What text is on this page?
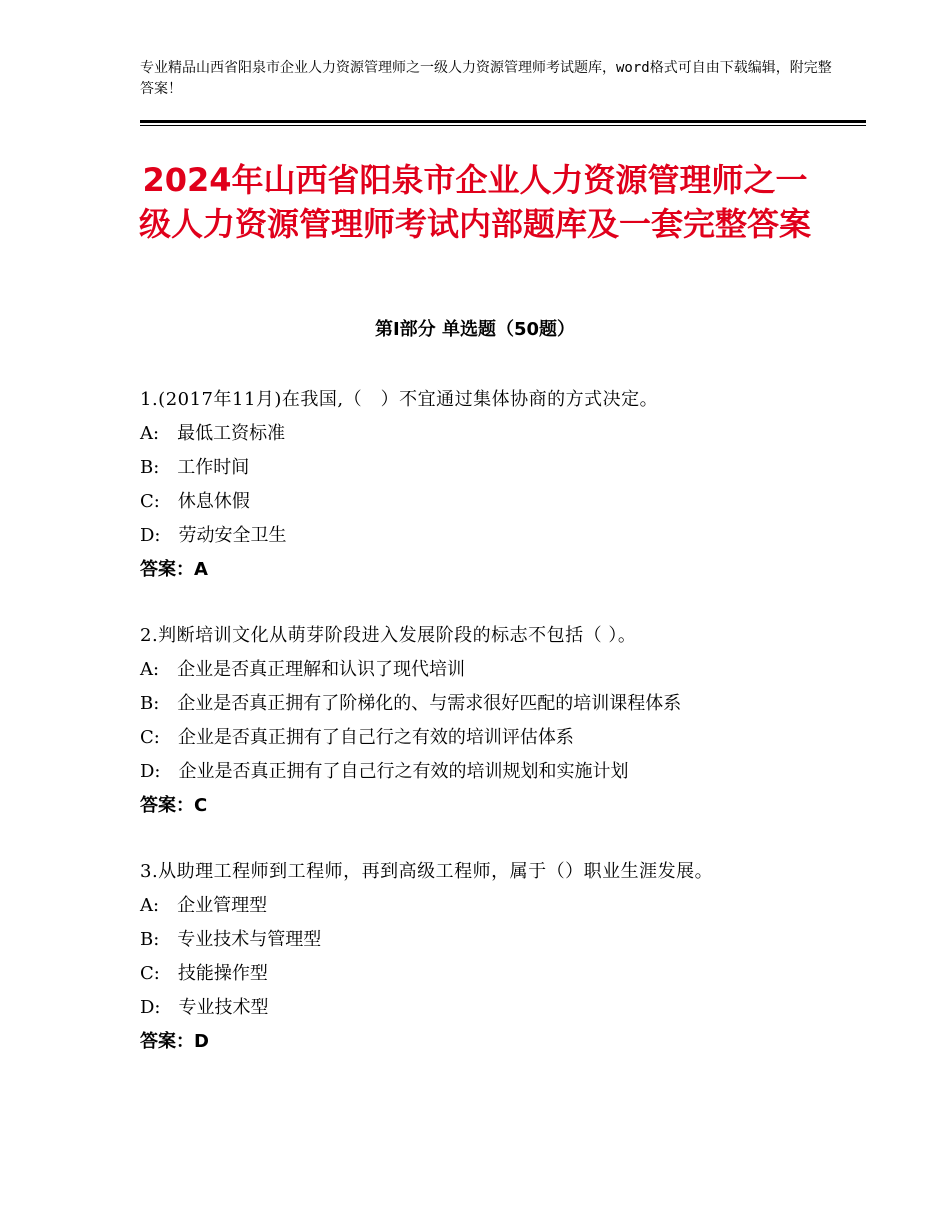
专业精品山西省阳泉市企业人力资源管理师之一级人力资源管理师考试题库，word格式可自由下载编辑，附完整答案！
2024年山西省阳泉市企业人力资源管理师之一级人力资源管理师考试内部题库及一套完整答案
第Ⅰ部分 单选题（50题）
1.(2017年11月)在我国,（　）不宜通过集体协商的方式决定。
A:　最低工资标准
B:　工作时间
C:　休息休假
D:　劳动安全卫生
答案：A
2.判断培训文化从萌芽阶段进入发展阶段的标志不包括（ ）。
A:　企业是否真正理解和认识了现代培训
B:　企业是否真正拥有了阶梯化的、与需求很好匹配的培训课程体系
C:　企业是否真正拥有了自己行之有效的培训评估体系
D:　企业是否真正拥有了自己行之有效的培训规划和实施计划
答案：C
3.从助理工程师到工程师，再到高级工程师，属于（）职业生涯发展。
A:　企业管理型
B:　专业技术与管理型
C:　技能操作型
D:　专业技术型
答案：D
